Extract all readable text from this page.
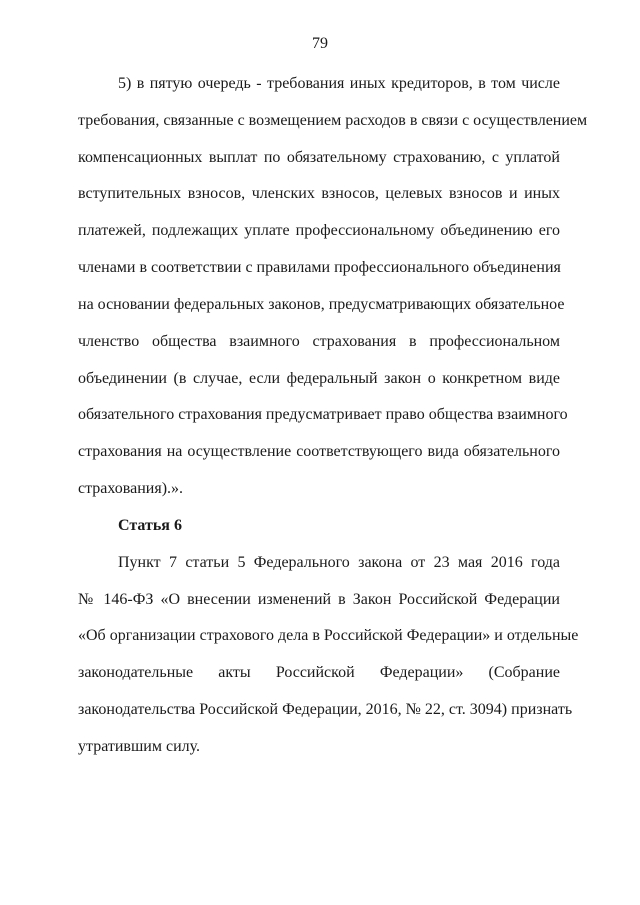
79
5) в пятую очередь - требования иных кредиторов, в том числе
требования, связанные с возмещением расходов в связи с осуществлением
компенсационных выплат по обязательному страхованию, с уплатой
вступительных взносов, членских взносов, целевых взносов и иных
платежей, подлежащих уплате профессиональному объединению его
членами в соответствии с правилами профессионального объединения
на основании федеральных законов, предусматривающих обязательное
членство общества взаимного страхования в профессиональном
объединении (в случае, если федеральный закон о конкретном виде
обязательного страхования предусматривает право общества взаимного
страхования на осуществление соответствующего вида обязательного
страхования).».
Статья 6
Пункт 7 статьи 5 Федерального закона от 23 мая 2016 года
№ 146-ФЗ «О внесении изменений в Закон Российской Федерации
«Об организации страхового дела в Российской Федерации» и отдельные
законодательные акты Российской Федерации» (Собрание
законодательства Российской Федерации, 2016, № 22, ст. 3094) признать
утратившим силу.
